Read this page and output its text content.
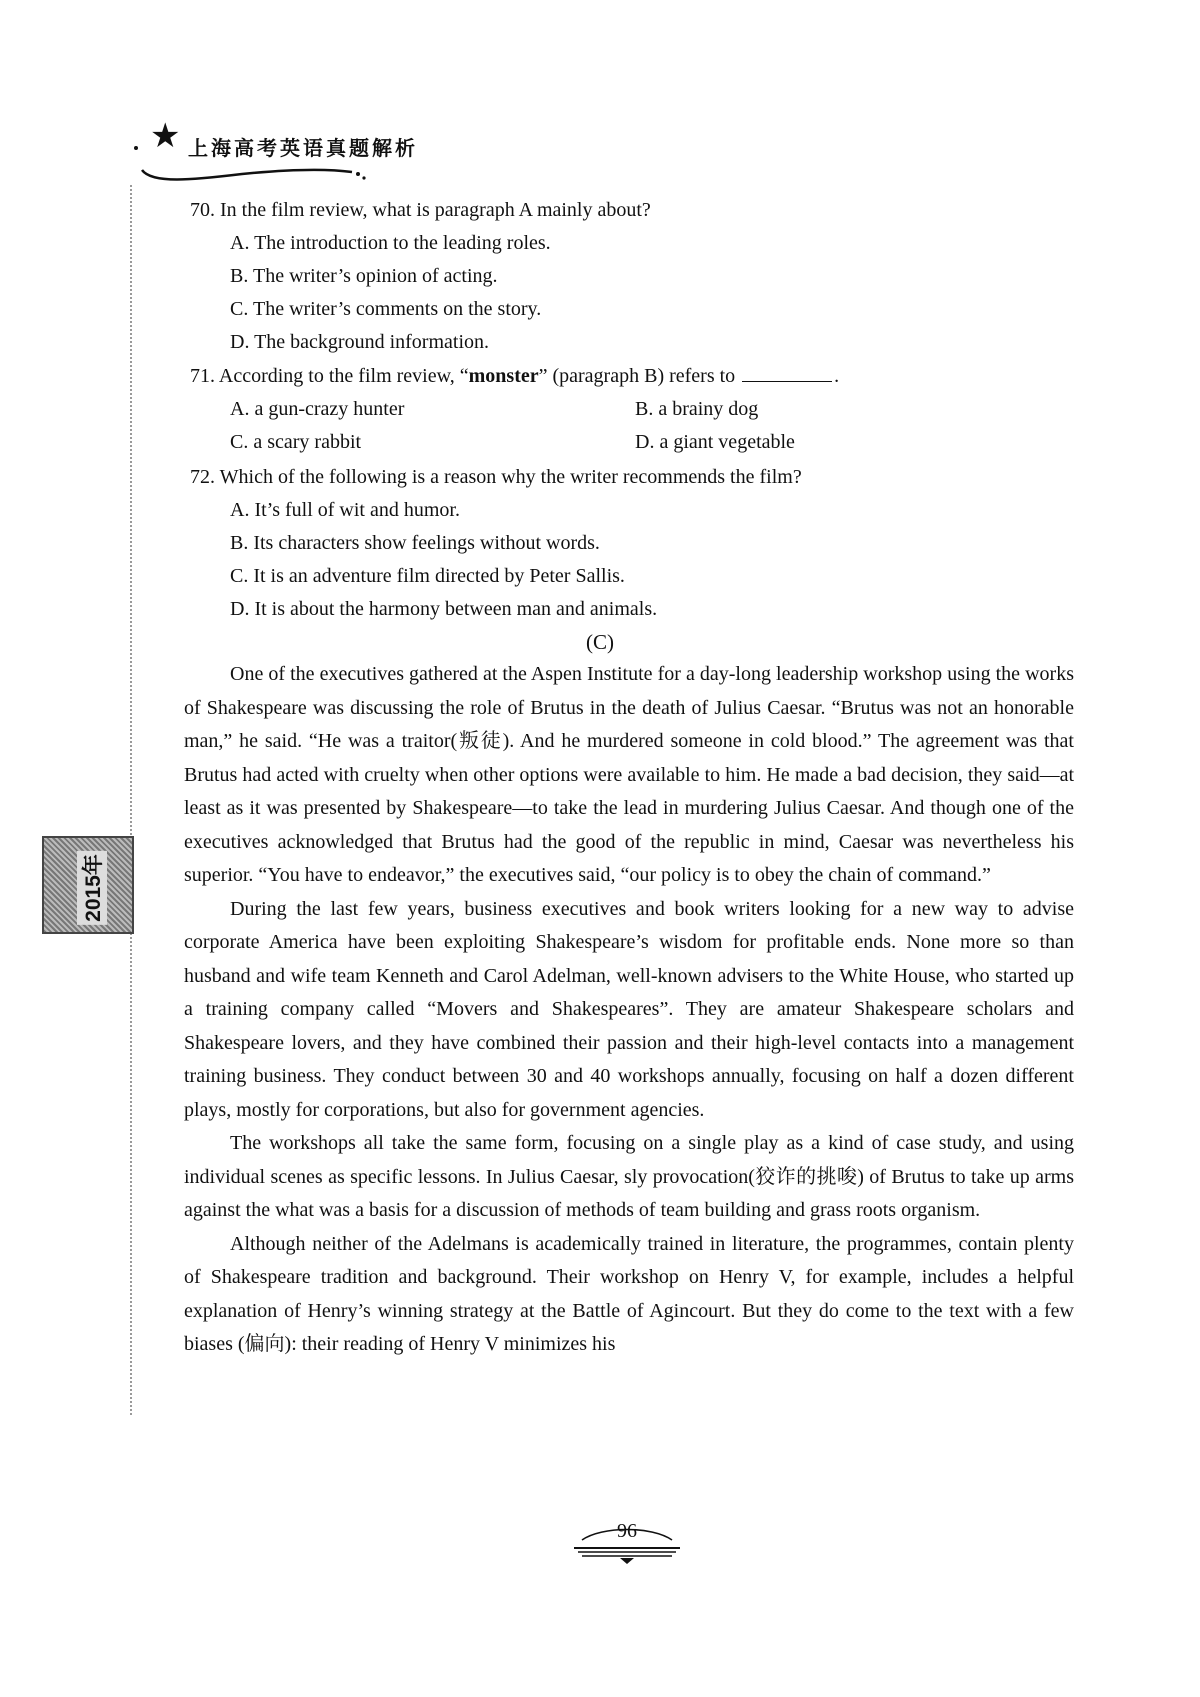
★ 上海高考英语真题解析
2015年

70. In the film review, what is paragraph A mainly about?

A. The introduction to the leading roles.

B. The writer’s opinion of acting.

C. The writer’s comments on the story.

D. The background information.

71. According to the film review, “monster” (paragraph B) refers to	.

A. a gun-crazy hunter	B. a brainy dog
C. a scary rabbit	D. a giant vegetable

72. Which of the following is a reason why the writer recommends the film?

A. It’s full of wit and humor.

B. Its characters show feelings without words.

C. It is an adventure film directed by Peter Sallis.

D. It is about the harmony between man and animals.

(C)

One of the executives gathered at the Aspen Institute for a day-long leadership workshop using the works of Shakespeare was discussing the role of Brutus in the death of Julius Caesar. “Brutus was not an honorable man,” he said. “He was a traitor(叛徒). And he murdered someone in cold blood.” The agreement was that Brutus had acted with cruelty when other options were available to him. He made a bad decision, they said—at least as it was presented by Shakespeare—to take the lead in murdering Julius Caesar. And though one of the executives acknowledged that Brutus had the good of the republic in mind, Caesar was nevertheless his superior. “You have to endeavor,” the executives said, “our policy is to obey the chain of command.”

During the last few years, business executives and book writers looking for a new way to advise corporate America have been exploiting Shakespeare’s wisdom for profitable ends. None more so than husband and wife team Kenneth and Carol Adelman, well-known advisers to the White House, who started up a training company called “Movers and Shakespeares”. They are amateur Shakespeare scholars and Shakespeare lovers, and they have combined their passion and their high-level contacts into a management training business. They conduct between 30 and 40 workshops annually, focusing on half a dozen different plays, mostly for corporations, but also for government agencies.

The workshops all take the same form, focusing on a single play as a kind of case study, and using individual scenes as specific lessons. In Julius Caesar, sly provocation(狡诈的挑唆) of Brutus to take up arms against the what was a basis for a discussion of methods of team building and grass roots organism.

Although neither of the Adelmans is academically trained in literature, the programmes, contain plenty of Shakespeare tradition and background. Their workshop on Henry V, for example, includes a helpful explanation of Henry’s winning strategy at the Battle of Agincourt. But they do come to the text with a few biases (偏向): their reading of Henry V minimizes his

96
